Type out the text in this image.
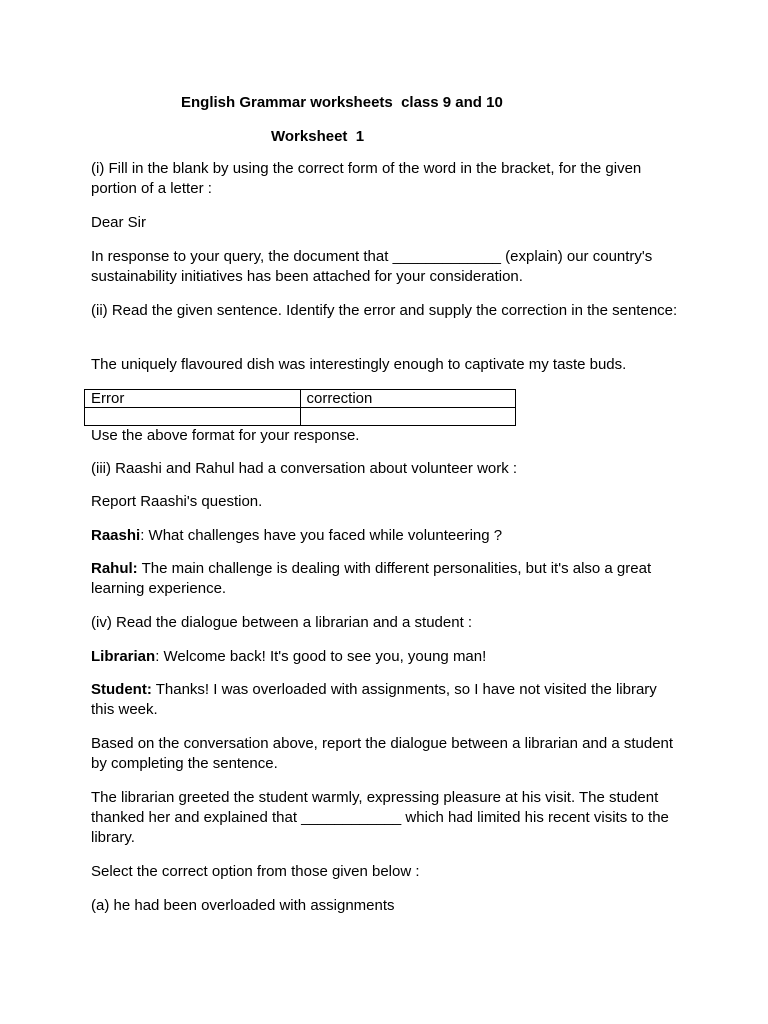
English Grammar worksheets  class 9 and 10
Worksheet  1

(i) Fill in the blank by using the correct form of the word in the bracket, for the given portion of a letter :

Dear Sir

In response to your query, the document that _____________ (explain) our country's sustainability initiatives has been attached for your consideration.

(ii) Read the given sentence. Identify the error and supply the correction in the sentence:

The uniquely flavoured dish was interestingly enough to captivate my taste buds.

Error	correction

Use the above format for your response.

(iii) Raashi and Rahul had a conversation about volunteer work :

Report Raashi's question.

Raashi: What challenges have you faced while volunteering ?

Rahul: The main challenge is dealing with different personalities, but it's also a great learning experience.

(iv) Read the dialogue between a librarian and a student :

Librarian: Welcome back! It's good to see you, young man!

Student: Thanks! I was overloaded with assignments, so I have not visited the library this week.

Based on the conversation above, report the dialogue between a librarian and a student by completing the sentence.

The librarian greeted the student warmly, expressing pleasure at his visit. The student thanked her and explained that ____________ which had limited his recent visits to the library.

Select the correct option from those given below :

(a) he had been overloaded with assignments
